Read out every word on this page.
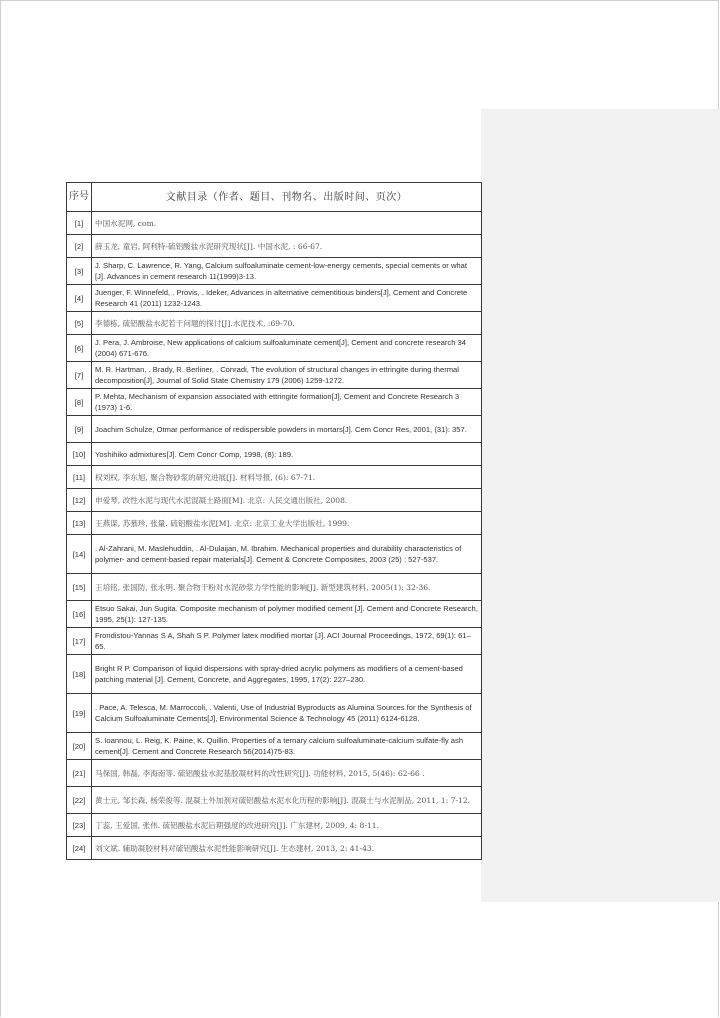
序号	文献目录（作者、题目、刊物名、出版时间、页次）
[1]	中国水泥网, com.
[2]	薛玉龙, 童岩, 阿利特-硫铝酸盐水泥研究现状[J]. 中国水泥, : 66-67.
[3]	J. Sharp, C. Lawrence, R. Yang, Calcium sulfoaluminate cement-low-energy cements, special cements or what [J]. Advances in cement research 11(1999)3-13.
[4]	Juenger, F. Winnefeld, . Provis, . Ideker, Advances in alternative cementitious binders[J], Cement and Concrete Research 41 (2011) 1232-1243.
[5]	李德栋, 硫铝酸盐水泥若干问题的探讨[J].水泥技术, :69-70.
[6]	J. Pera, J. Ambroise, New applications of calcium sulfoaluminate cement[J], Cement and concrete research 34 (2004) 671-676.
[7]	M. R. Hartman, . Brady, R. Berliner, . Conradi, The evolution of structural changes in ettringite during thermal decomposition[J], Journal of Solid State Chemistry 179 (2006) 1259-1272.
[8]	P. Mehta, Mechanism of expansion associated with ettringite formation[J], Cement and Concrete Research 3 (1973) 1-6.
[9]	Joachim Schulze, Otmar performance of redispersible powders in mortars[J]. Cem Concr Res, 2001, (31): 357.
[10]	Yoshihiko admixtures[J]. Cem Concr Comp, 1998, (8): 189.
[11]	权刘权, 李东旭, 聚合物砂浆的研究进展[J]. 材料导报, (6): 67-71.
[12]	申爱琴, 改性水泥与现代水泥混凝土路面[M]. 北京: 人民交通出版社, 2008.
[13]	王燕谋, 苏慕珍, 张量. 硫铝酸盐水泥[M]. 北京: 北京工业大学出版社, 1999.
[14]	. Al-Zahrani, M. Maslehuddin, . Al-Dulaijan, M. Ibrahim. Mechanical properties and durability characteristics of polymer- and cement-based repair materials[J]. Cement & Concrete Composites, 2003 (25) : 527-537.
[15]	王培铭, 张国防, 张永明. 聚合物干粉对水泥砂浆力学性能的影响[J]. 新型建筑材料, 2005(1): 32-36.
[16]	Etsuo Sakai, Jun Sugita. Composite mechanism of polymer modified cement [J]. Cement and Concrete Research, 1995, 25(1): 127-135.
[17]	Frondistou-Yannas S A, Shah S P. Polymer latex modified mortar [J]. ACI Journal Proceedings, 1972, 69(1): 61–65.
[18]	Bright R P. Comparison of liquid dispersions with spray-dried acrylic polymers as modifiers of a cement-based patching material [J]. Cement, Concrete, and Aggregates, 1995, 17(2): 227–230.
[19]	. Pace, A. Telesca, M. Marroccoli, . Valenti, Use of Industrial Byproducts as Alumina Sources for the Synthesis of Calcium Sulfoaluminate Cements[J], Environmental Science & Technology 45 (2011) 6124-6128.
[20]	S. Ioannou, L. Reig, K. Paine, K. Quillin. Properties of a ternary calcium sulfoaluminate-calcium sulfate-fly ash cement[J]. Cement and Concrete Research 56(2014)75-83.
[21]	马保国, 韩磊, 李海南等. 硫铝酸盐水泥基胶凝材料的改性研究[J]. 功能材料, 2015, 5(46): 62-66 .
[22]	黄士元, 邹长森, 杨荣俊等. 混凝土外加剂对硫铝酸盐水泥水化历程的影响[J]. 混凝土与水泥制品, 2011, 1: 7-12.
[23]	丁蕊, 王爱国, 张伟. 硫铝酸盐水泥后期强度的改进研究[J]. 广东建材, 2009, 4: 8-11.
[24]	刘文斌. 辅助凝胶材料对硫铝酸盐水泥性能影响研究[J]. 生态建材, 2013, 2: 41-43.
